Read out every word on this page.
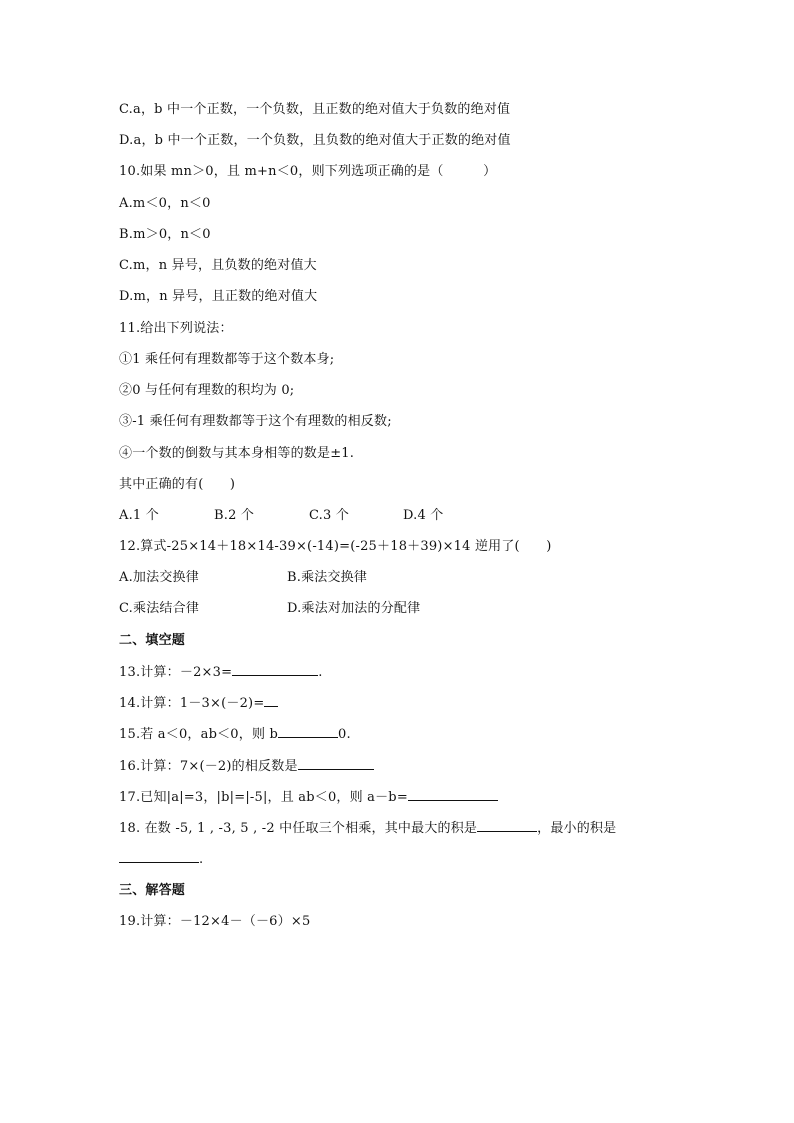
C.a，b 中一个正数，一个负数，且正数的绝对值大于负数的绝对值
D.a，b 中一个正数，一个负数，且负数的绝对值大于正数的绝对值
10.如果 mn＞0，且 m+n＜0，则下列选项正确的是（　　　）
A.m＜0，n＜0
B.m＞0，n＜0
C.m，n 异号，且负数的绝对值大
D.m，n 异号，且正数的绝对值大
11.给出下列说法：
①1 乘任何有理数都等于这个数本身;
②0 与任何有理数的积均为 0;
③-1 乘任何有理数都等于这个有理数的相反数;
④一个数的倒数与其本身相等的数是±1.
其中正确的有(　　)
A.1 个	B.2 个	C.3 个	D.4 个
12.算式-25×14＋18×14-39×(-14)=(-25＋18＋39)×14 逆用了(　　)
A.加法交换律	B.乘法交换律
C.乘法结合律	D.乘法对加法的分配律
二、填空题
13.计算：－2×3=	.
14.计算：1－3×(－2)=
15.若 a＜0，ab＜0，则 b	0.
16.计算：7×(－2)的相反数是
17.已知|a|=3，|b|=|-5|，且 ab＜0，则 a－b=
18. 在数 -5, 1 , -3, 5 , -2 中任取三个相乘，其中最大的积是	，最小的积是
.
三、解答题
19.计算：－12×4－（－6）×5
